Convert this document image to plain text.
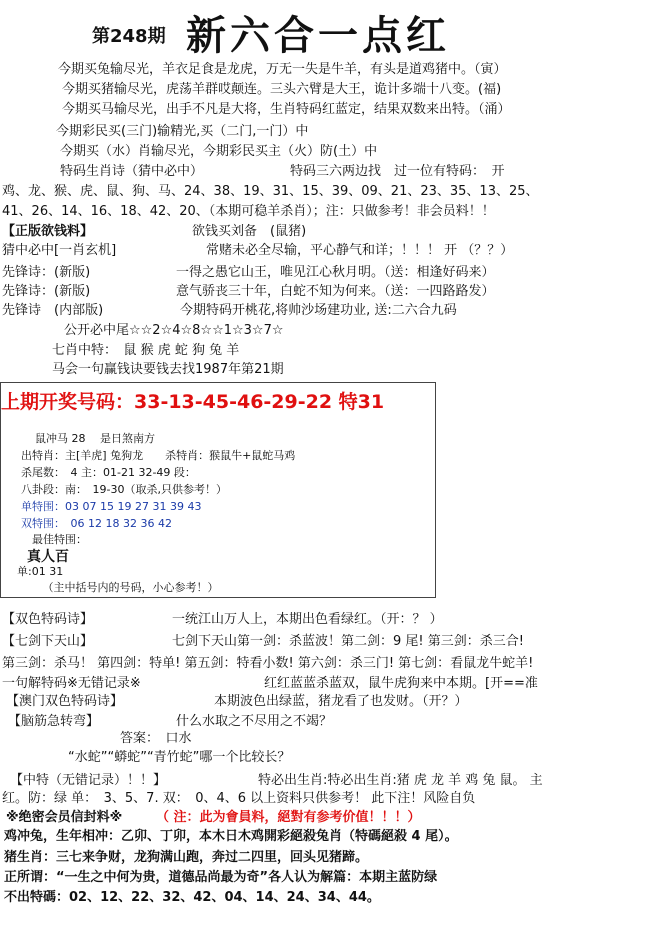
第248期 新六合一点红
今期买兔输尽光，羊衣足食是龙虎，万无一失是牛羊，有头是道鸡猪中。（寅）
今期买猪输尽光，虎荡羊群哎颠连。三头六臂是大王，诡计多端十八变。(福)
今期买马输尽光，出手不凡是大将，生肖特码红蓝定，结果双数来出特。（涌）
今期彩民买(三门)输精光,买（二门,一门）中
今期买（水）肖输尽光，今期彩民买主（火）防(土）中
特码生肖诗（猜中必中）	特码三六两边找　过一位有特码：　开
鸡、龙、猴、虎、鼠、狗、马、24、38、19、31、15、39、09、21、23、35、13、25、
41、26、14、16、18、42、20、（本期可稳羊杀肖）；注：只做参考！非会员料！！
【正版欲钱料】	欲钱买刘备　(鼠猪)
猜中必中[一肖玄机]	常赌未必全尽输，平心静气和详；！！！ 开 （？？）
先锋诗：(新版)	一得之愚它山王，唯见江心秋月明。（送：相逢好码来）
先锋诗：(新版)	意气骄丧三十年，白蛇不知为何来。（送：一四路路发）
先锋诗　(内部版)	今期特码开桃花,将帅沙场建功业, 送:二六合九码
公开必中尾☆☆2☆4☆8☆☆1☆3☆7☆
七肖中特：　鼠 猴 虎 蛇 狗 兔 羊
马会一句赢钱诀要钱去找1987年第21期
上期开奖号码：33-13-45-46-29-22 特31
鼠冲马 28　 是日煞南方
出特肖：主[羊虎] 兔狗龙　　杀特肖：猴鼠牛+鼠蛇马鸡
杀尾数：　4 主：01-21 32-49 段：
八卦段：南：　19-30（取杀,只供参考！）
单特围：03 07 15 19 27 31 39 43
双特围：　06 12 18 32 36 42
　最佳特围：
真人百
单:01 31
　（主中括号内的号码，小心参考！）
【双色特码诗】	一统江山万人上，本期出色看绿红。（开：？ ）
【七剑下天山】	七剑下天山第一剑：杀蓝波！第二剑：9 尾! 第三剑：杀三合!
第三剑：杀马！ 第四剑：特单! 第五剑：特看小数! 第六剑：杀三门! 第七剑：看鼠龙牛蛇羊!
一句解特码※无错记录※	红红蓝蓝杀蓝双，鼠牛虎狗来中本期。[开==准
【澳门双色特码诗】	本期波色出绿蓝，猪龙看了也发财。（开？）
【脑筋急转弯】	什么水取之不尽用之不竭？
答案：　口水
“水蛇”“蟒蛇”“青竹蛇”哪一个比较长？
【中特（无错记录）！！】	特必出生肖:特必出生肖:猪 虎 龙 羊 鸡 兔 鼠。 主
红。防：绿 单：　3、5、7. 双：　0、4、6 以上资料只供参考！ 此下注！风险自负
※绝密会员信封料※	（ 注：此为會員料，絕對有参考价值！！！）
鸡冲兔，生年相冲：乙卯、丁卯，本木日木鸡開彩絕殺兔肖（特碼絕殺 4 尾）。
猪生肖：三七来争财，龙狗满山跑，奔过二四里，回头见猪蹄。
正所谓：“一生之中何为贵，道德品尚最为奇”各人认为解篇：本期主蓝防绿
不出特碼：02、12、22、32、42、04、14、24、34、44。
